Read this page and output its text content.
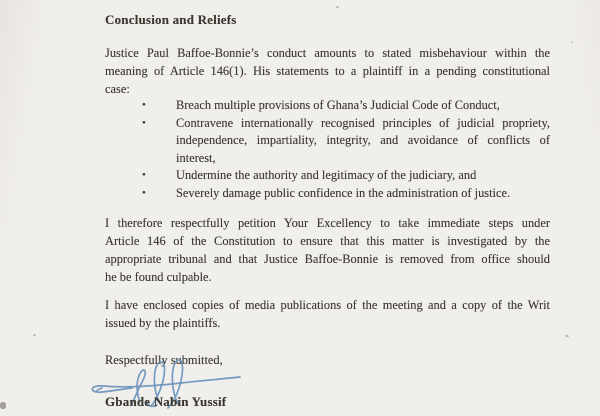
Conclusion and Reliefs
Justice Paul Baffoe-Bonnie’s conduct amounts to stated misbehaviour within the
meaning of Article 146(1). His statements to a plaintiff in a pending constitutional
case:
• Breach multiple provisions of Ghana’s Judicial Code of Conduct,
• Contravene internationally recognised principles of judicial propriety,
independence, impartiality, integrity, and avoidance of conflicts of
interest,
• Undermine the authority and legitimacy of the judiciary, and
• Severely damage public confidence in the administration of justice.
I therefore respectfully petition Your Excellency to take immediate steps under
Article 146 of the Constitution to ensure that this matter is investigated by the
appropriate tribunal and that Justice Baffoe-Bonnie is removed from office should
he be found culpable.
I have enclosed copies of media publications of the meeting and a copy of the Writ
issued by the plaintiffs.
Respectfully submitted,
Gbande Nabin Yussif
